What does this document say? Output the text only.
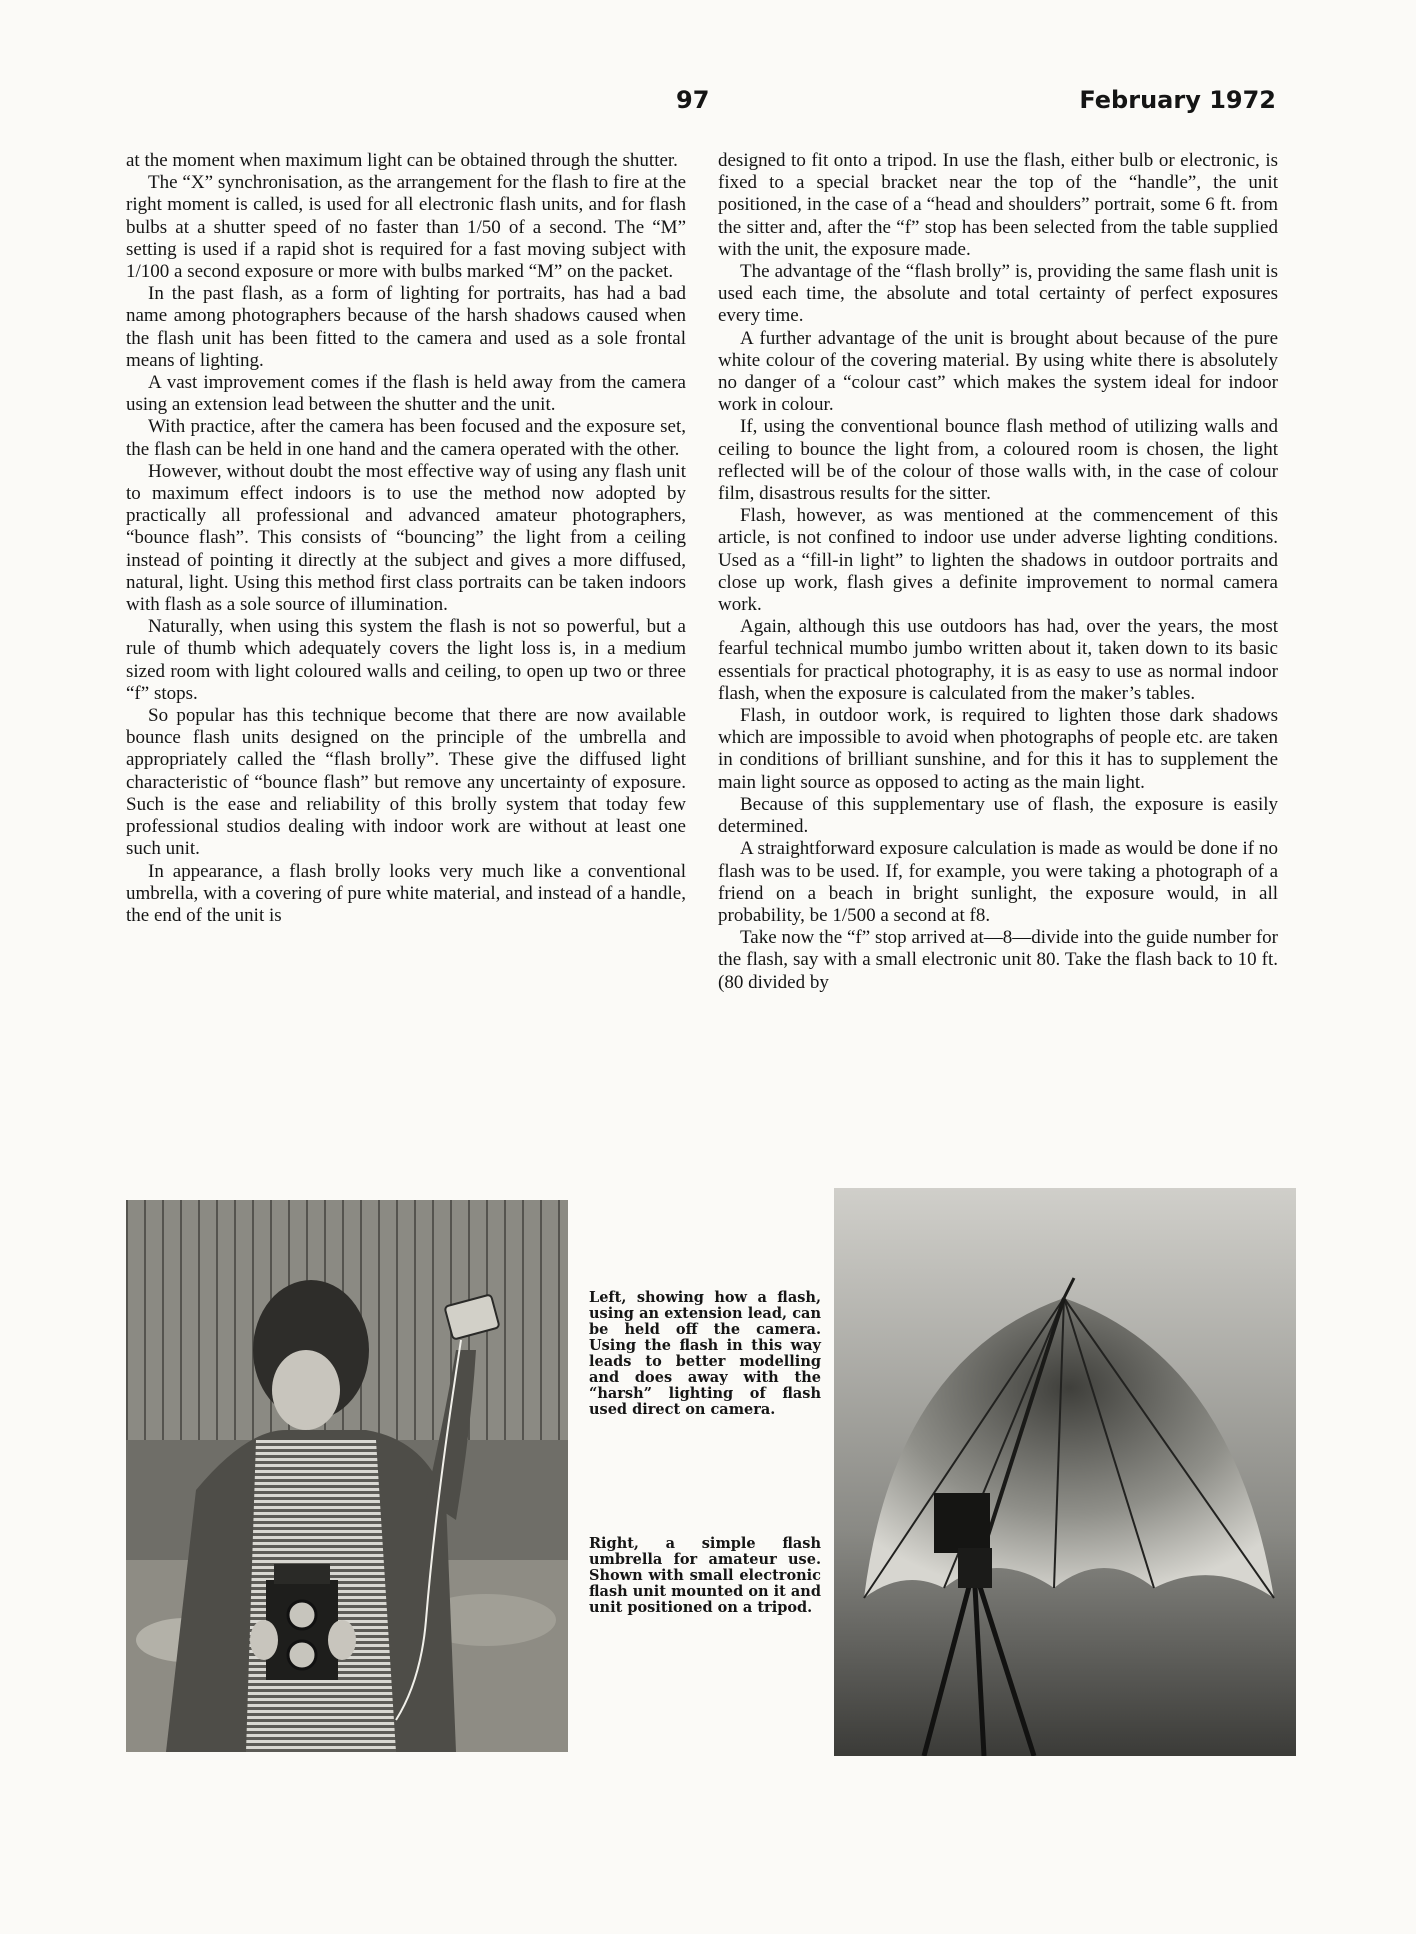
97	February 1972

at the moment when maximum light can be obtained through the shutter.

The “X” synchronisation, as the arrangement for the flash to fire at the right moment is called, is used for all electronic flash units, and for flash bulbs at a shutter speed of no faster than 1/50 of a second. The “M” setting is used if a rapid shot is required for a fast moving subject with 1/100 a second exposure or more with bulbs marked “M” on the packet.

In the past flash, as a form of lighting for portraits, has had a bad name among photographers because of the harsh shadows caused when the flash unit has been fitted to the camera and used as a sole frontal means of lighting.

A vast improvement comes if the flash is held away from the camera using an extension lead between the shutter and the unit.

With practice, after the camera has been focused and the exposure set, the flash can be held in one hand and the camera operated with the other.

However, without doubt the most effective way of using any flash unit to maximum effect indoors is to use the method now adopted by practically all professional and advanced amateur photographers, “bounce flash”. This consists of “bouncing” the light from a ceiling instead of pointing it directly at the subject and gives a more diffused, natural, light. Using this method first class portraits can be taken indoors with flash as a sole source of illumination.

Naturally, when using this system the flash is not so powerful, but a rule of thumb which adequately covers the light loss is, in a medium sized room with light coloured walls and ceiling, to open up two or three “f” stops.

So popular has this technique become that there are now available bounce flash units designed on the principle of the umbrella and appropriately called the “flash brolly”. These give the diffused light characteristic of “bounce flash” but remove any uncertainty of exposure. Such is the ease and reliability of this brolly system that today few professional studios dealing with indoor work are without at least one such unit.

In appearance, a flash brolly looks very much like a conventional umbrella, with a covering of pure white material, and instead of a handle, the end of the unit is

designed to fit onto a tripod. In use the flash, either bulb or electronic, is fixed to a special bracket near the top of the “handle”, the unit positioned, in the case of a “head and shoulders” portrait, some 6 ft. from the sitter and, after the “f” stop has been selected from the table supplied with the unit, the exposure made.

The advantage of the “flash brolly” is, providing the same flash unit is used each time, the absolute and total certainty of perfect exposures every time.

A further advantage of the unit is brought about because of the pure white colour of the covering material. By using white there is absolutely no danger of a “colour cast” which makes the system ideal for indoor work in colour.

If, using the conventional bounce flash method of utilizing walls and ceiling to bounce the light from, a coloured room is chosen, the light reflected will be of the colour of those walls with, in the case of colour film, disastrous results for the sitter.

Flash, however, as was mentioned at the commencement of this article, is not confined to indoor use under adverse lighting conditions. Used as a “fill-in light” to lighten the shadows in outdoor portraits and close up work, flash gives a definite improvement to normal camera work.

Again, although this use outdoors has had, over the years, the most fearful technical mumbo jumbo written about it, taken down to its basic essentials for practical photography, it is as easy to use as normal indoor flash, when the exposure is calculated from the maker’s tables.

Flash, in outdoor work, is required to lighten those dark shadows which are impossible to avoid when photographs of people etc. are taken in conditions of brilliant sunshine, and for this it has to supplement the main light source as opposed to acting as the main light.

Because of this supplementary use of flash, the exposure is easily determined.

A straightforward exposure calculation is made as would be done if no flash was to be used. If, for example, you were taking a photograph of a friend on a beach in bright sunlight, the exposure would, in all probability, be 1/500 a second at f8.

Take now the “f” stop arrived at—8—divide into the guide number for the flash, say with a small electronic unit 80. Take the flash back to 10 ft. (80 divided by

Left, showing how a flash, using an extension lead, can be held off the camera. Using the flash in this way leads to better modelling and does away with the “harsh” lighting of flash used direct on camera.
Right, a simple flash umbrella for amateur use. Shown with small electronic flash unit mounted on it and unit positioned on a tripod.
